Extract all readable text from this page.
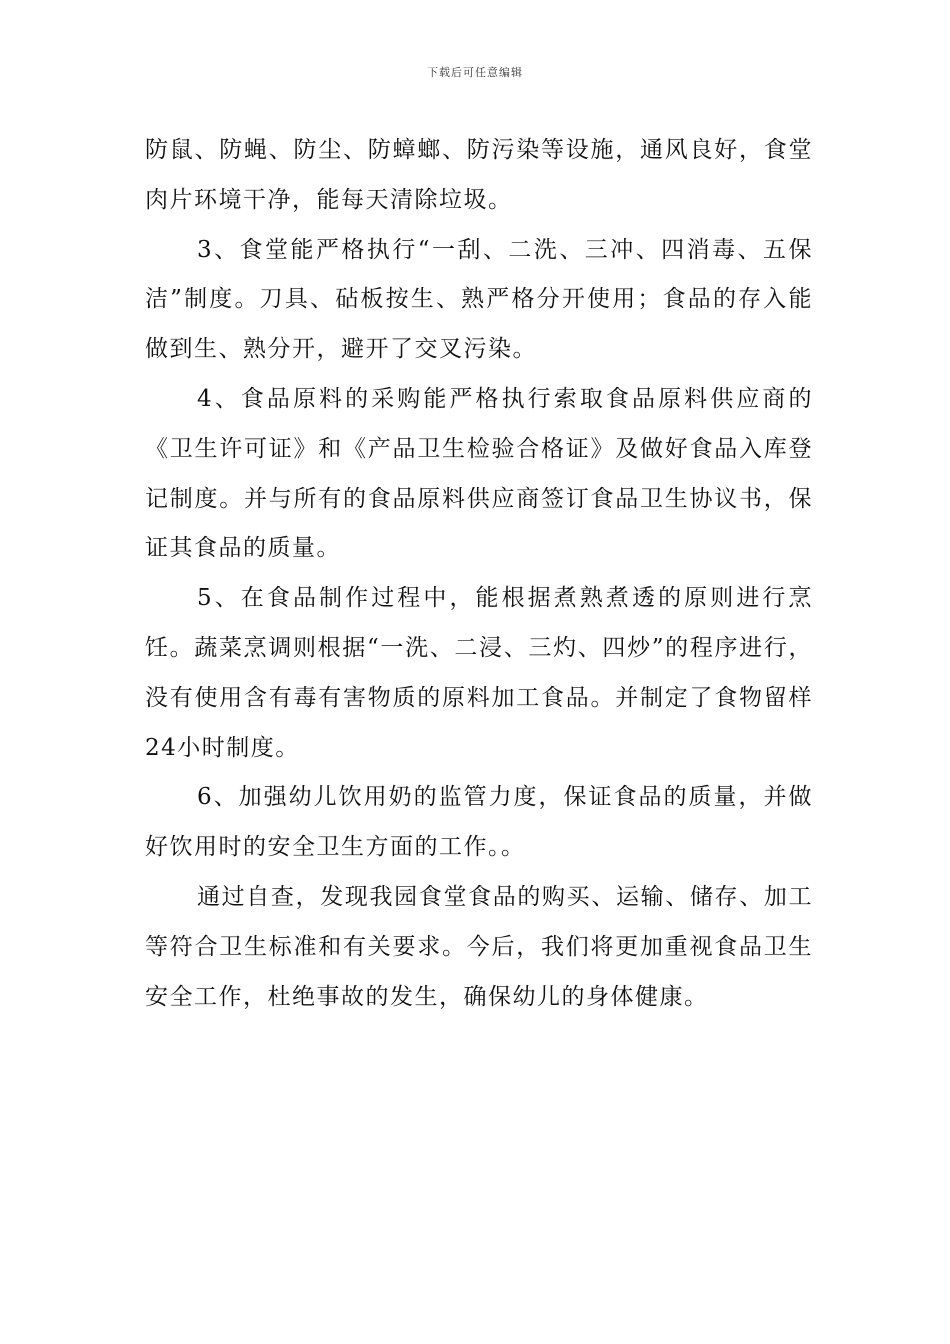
下载后可任意编辑

防鼠、防蝇、防尘、防蟑螂、防污染等设施，通风良好，食堂肉片环境干净，能每天清除垃圾。

3、食堂能严格执行“一刮、二洗、三冲、四消毒、五保洁”制度。刀具、砧板按生、熟严格分开使用；食品的存入能做到生、熟分开，避开了交叉污染。

4、食品原料的采购能严格执行索取食品原料供应商的《卫生许可证》和《产品卫生检验合格证》及做好食品入库登记制度。并与所有的食品原料供应商签订食品卫生协议书，保证其食品的质量。

5、在食品制作过程中，能根据煮熟煮透的原则进行烹饪。蔬菜烹调则根据“一洗、二浸、三灼、四炒”的程序进行，没有使用含有毒有害物质的原料加工食品。并制定了食物留样24小时制度。

6、加强幼儿饮用奶的监管力度，保证食品的质量，并做好饮用时的安全卫生方面的工作。。

通过自查，发现我园食堂食品的购买、运输、储存、加工等符合卫生标准和有关要求。今后，我们将更加重视食品卫生安全工作，杜绝事故的发生，确保幼儿的身体健康。
